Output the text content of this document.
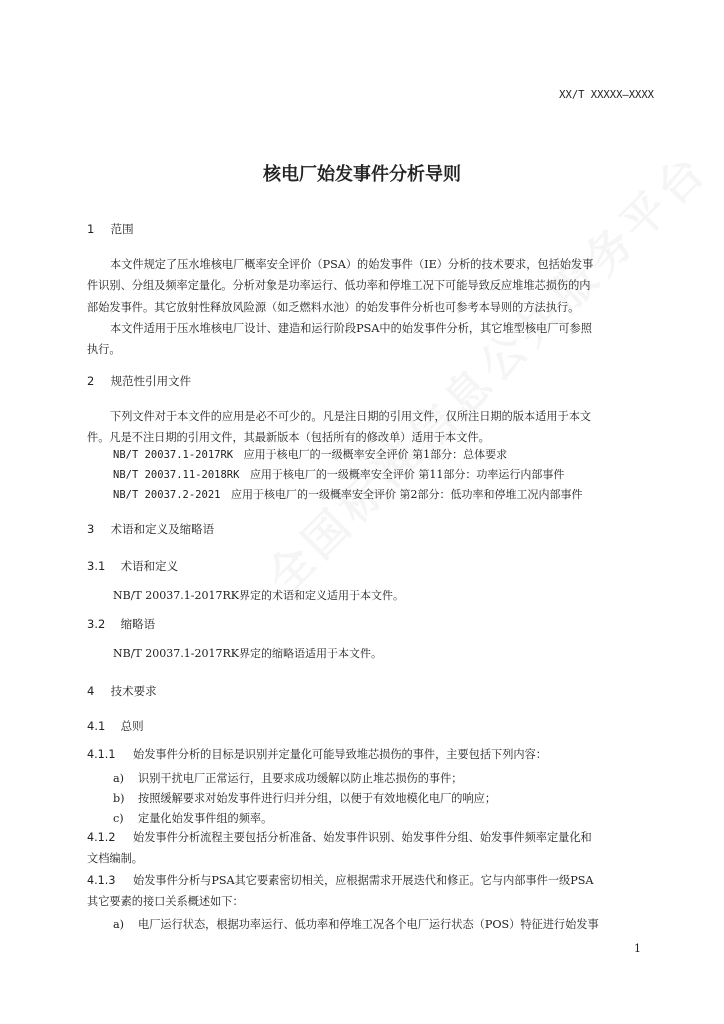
XX/T XXXXX—XXXX
核电厂始发事件分析导则
1 范围
本文件规定了压水堆核电厂概率安全评价（PSA）的始发事件（IE）分析的技术要求，包括始发事
件识别、分组及频率定量化。分析对象是功率运行、低功率和停堆工况下可能导致反应堆堆芯损伤的内
部始发事件。其它放射性释放风险源（如乏燃料水池）的始发事件分析也可参考本导则的方法执行。
本文件适用于压水堆核电厂设计、建造和运行阶段PSA中的始发事件分析，其它堆型核电厂可参照
执行。
2 规范性引用文件
下列文件对于本文件的应用是必不可少的。凡是注日期的引用文件，仅所注日期的版本适用于本文
件。凡是不注日期的引用文件，其最新版本（包括所有的修改单）适用于本文件。
NB/T 20037.1-2017RK 应用于核电厂的一级概率安全评价 第1部分：总体要求
NB/T 20037.11-2018RK 应用于核电厂的一级概率安全评价 第11部分：功率运行内部事件
NB/T 20037.2-2021 应用于核电厂的一级概率安全评价 第2部分：低功率和停堆工况内部事件
3 术语和定义及缩略语
3.1 术语和定义
NB/T 20037.1-2017RK界定的术语和定义适用于本文件。
3.2 缩略语
NB/T 20037.1-2017RK界定的缩略语适用于本文件。
4 技术要求
4.1 总则
4.1.1 始发事件分析的目标是识别并定量化可能导致堆芯损伤的事件，主要包括下列内容：
a) 识别干扰电厂正常运行，且要求成功缓解以防止堆芯损伤的事件；
b) 按照缓解要求对始发事件进行归并分组，以便于有效地模化电厂的响应；
c) 定量化始发事件组的频率。
4.1.2 始发事件分析流程主要包括分析准备、始发事件识别、始发事件分组、始发事件频率定量化和
文档编制。
4.1.3 始发事件分析与PSA其它要素密切相关，应根据需求开展迭代和修正。它与内部事件一级PSA
其它要素的接口关系概述如下：
a) 电厂运行状态，根据功率运行、低功率和停堆工况各个电厂运行状态（POS）特征进行始发事
1
